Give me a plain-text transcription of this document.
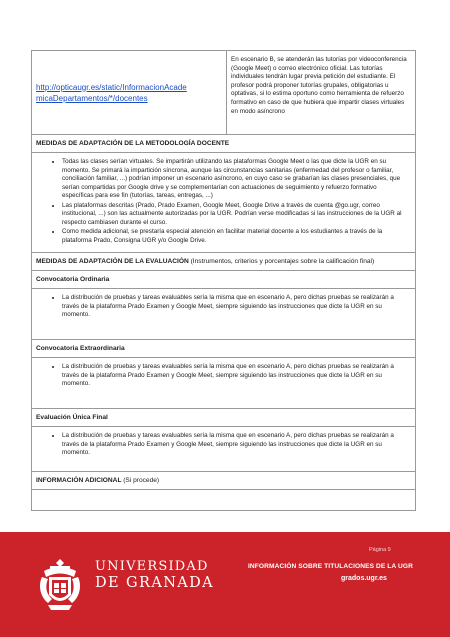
http://opticaugr.es/static/InformacionAcade
micaDepartamentos/*/docentes
En escenario B, se atenderán las tutorías por videoconferencia (Google Meet) o correo electrónico oficial. Las tutorías individuales tendrán lugar previa petición del estudiante. El profesor podrá proponer tutorías grupales, obligatorias u optativas, si lo estima oportuno como herramienta de refuerzo formativo en caso de que hubiera que impartir clases virtuales en modo asíncrono
MEDIDAS DE ADAPTACIÓN DE LA METODOLOGÍA DOCENTE
• Todas las clases serían virtuales. Se impartirán utilizando las plataformas Google Meet o las que dicte la UGR en su momento. Se primará la impartición síncrona, aunque las circunstancias sanitarias (enfermedad del profesor o familiar, conciliación familiar, ...) podrían imponer un escenario asíncrono, en cuyo caso se grabarían las clases presenciales, que serían compartidas por Google drive y se complementarían con actuaciones de seguimiento y refuerzo formativo específicas para ese fin (tutorías, tareas, entregas, ...)
• Las plataformas descritas (Prado, Prado Examen, Google Meet, Google Drive a través de cuenta @go.ugr, correo institucional, ...) son las actualmente autorizadas por la UGR. Podrían verse modificadas si las instrucciones de la UGR al respecto cambiasen durante el curso.
• Como medida adicional, se prestaría especial atención en facilitar material docente a los estudiantes a través de la plataforma Prado, Consigna UGR y/o Google Drive.
MEDIDAS DE ADAPTACIÓN DE LA EVALUACIÓN (Instrumentos, criterios y porcentajes sobre la calificación final)
Convocatoria Ordinaria
• La distribución de pruebas y tareas evaluables sería la misma que en escenario A, pero dichas pruebas se realizarán a través de la plataforma Prado Examen y Google Meet, siempre siguiendo las instrucciones que dicte la UGR en su momento.
Convocatoria Extraordinaria
• La distribución de pruebas y tareas evaluables sería la misma que en escenario A, pero dichas pruebas se realizarán a través de la plataforma Prado Examen y Google Meet, siempre siguiendo las instrucciones que dicte la UGR en su momento.
Evaluación Única Final
• La distribución de pruebas y tareas evaluables sería la misma que en escenario A, pero dichas pruebas se realizarán a través de la plataforma Prado Examen y Google Meet, siempre siguiendo las instrucciones que dicte la UGR en su momento.
INFORMACIÓN ADICIONAL (Si procede)
Página 9
UNIVERSIDAD
DE GRANADA
INFORMACIÓN SOBRE TITULACIONES DE LA UGR
grados.ugr.es
